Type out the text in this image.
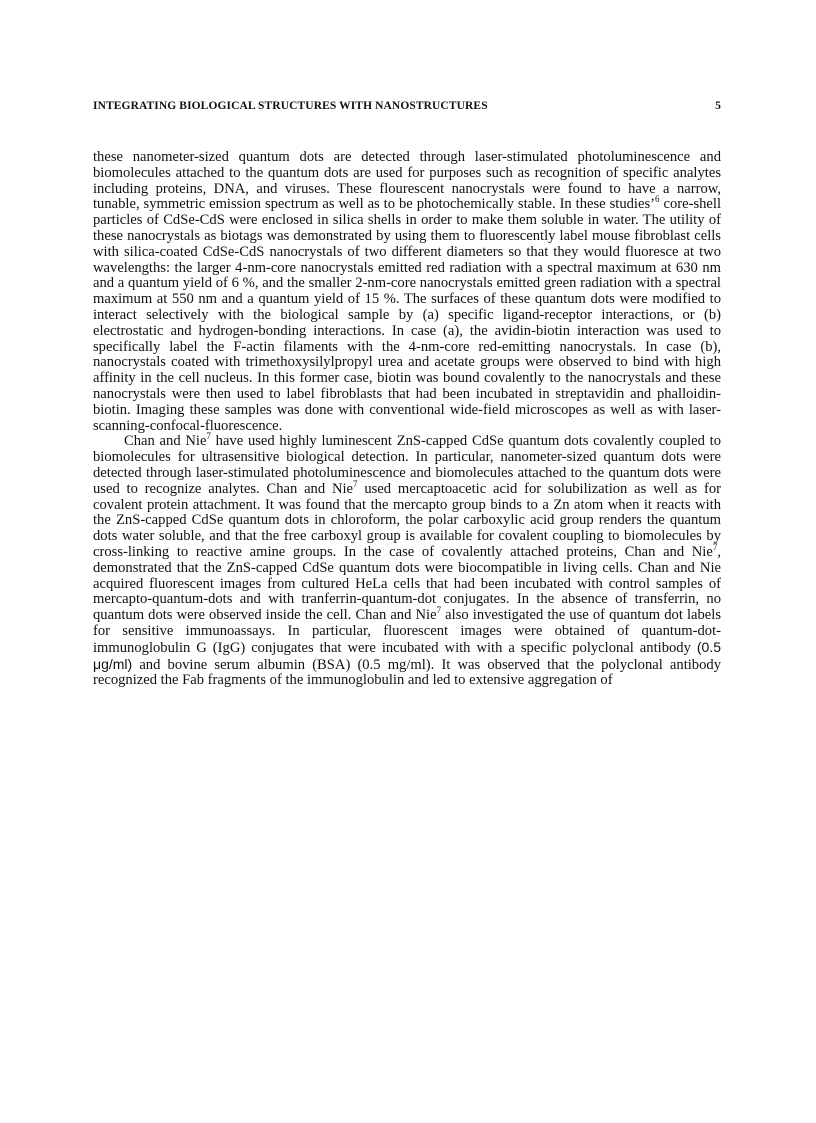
INTEGRATING BIOLOGICAL STRUCTURES WITH NANOSTRUCTURES	5

these nanometer-sized quantum dots are detected through laser-stimulated photoluminescence and biomolecules attached to the quantum dots are used for purposes such as recognition of specific analytes including proteins, DNA, and viruses. These flourescent nanocrystals were found to have a narrow, tunable, symmetric emission spectrum as well as to be photochemically stable. In these studies’$^6$ core-shell particles of CdSe-CdS were enclosed in silica shells in order to make them soluble in water. The utility of these nanocrystals as biotags was demonstrated by using them to fluorescently label mouse fibroblast cells with silica-coated CdSe-CdS nanocrystals of two different diameters so that they would fluoresce at two wavelengths: the larger 4-nm-core nanocrystals emitted red radiation with a spectral maximum at 630 nm and a quantum yield of 6 %, and the smaller 2-nm-core nanocrystals emitted green radiation with a spectral maximum at 550 nm and a quantum yield of 15 %. The surfaces of these quantum dots were modified to interact selectively with the biological sample by (a) specific ligand-receptor interactions, or (b) electrostatic and hydrogen-bonding interactions. In case (a), the avidin-biotin interaction was used to specifically label the F-actin filaments with the 4-nm-core red-emitting nanocrystals. In case (b), nanocrystals coated with trimethoxysilylpropyl urea and acetate groups were observed to bind with high affinity in the cell nucleus. In this former case, biotin was bound covalently to the nanocrystals and these nanocrystals were then used to label fibroblasts that had been incubated in streptavidin and phalloidin-biotin. Imaging these samples was done with conventional wide-field microscopes as well as with laser-scanning-confocal-fluorescence.

Chan and Nie$^7$ have used highly luminescent ZnS-capped CdSe quantum dots covalently coupled to biomolecules for ultrasensitive biological detection. In particular, nanometer-sized quantum dots were detected through laser-stimulated photoluminescence and biomolecules attached to the quantum dots were used to recognize analytes. Chan and Nie$^7$ used mercaptoacetic acid for solubilization as well as for covalent protein attachment. It was found that the mercapto group binds to a Zn atom when it reacts with the ZnS-capped CdSe quantum dots in chloroform, the polar carboxylic acid group renders the quantum dots water soluble, and that the free carboxyl group is available for covalent coupling to biomolecules by cross-linking to reactive amine groups. In the case of covalently attached proteins, Chan and Nie$^7$, demonstrated that the ZnS-capped CdSe quantum dots were biocompatible in living cells. Chan and Nie acquired fluorescent images from cultured HeLa cells that had been incubated with control samples of mercapto-quantum-dots and with tranferrin-quantum-dot conjugates. In the absence of transferrin, no quantum dots were observed inside the cell. Chan and Nie$^7$ also investigated the use of quantum dot labels for sensitive immunoassays. In particular, fluorescent images were obtained of quantum-dot-immunoglobulin G (IgG) conjugates that were incubated with with a specific polyclonal antibody (0.5 μg/ml) and bovine serum albumin (BSA) (0.5 mg/ml). It was observed that the polyclonal antibody recognized the Fab fragments of the immunoglobulin and led to extensive aggregation of
